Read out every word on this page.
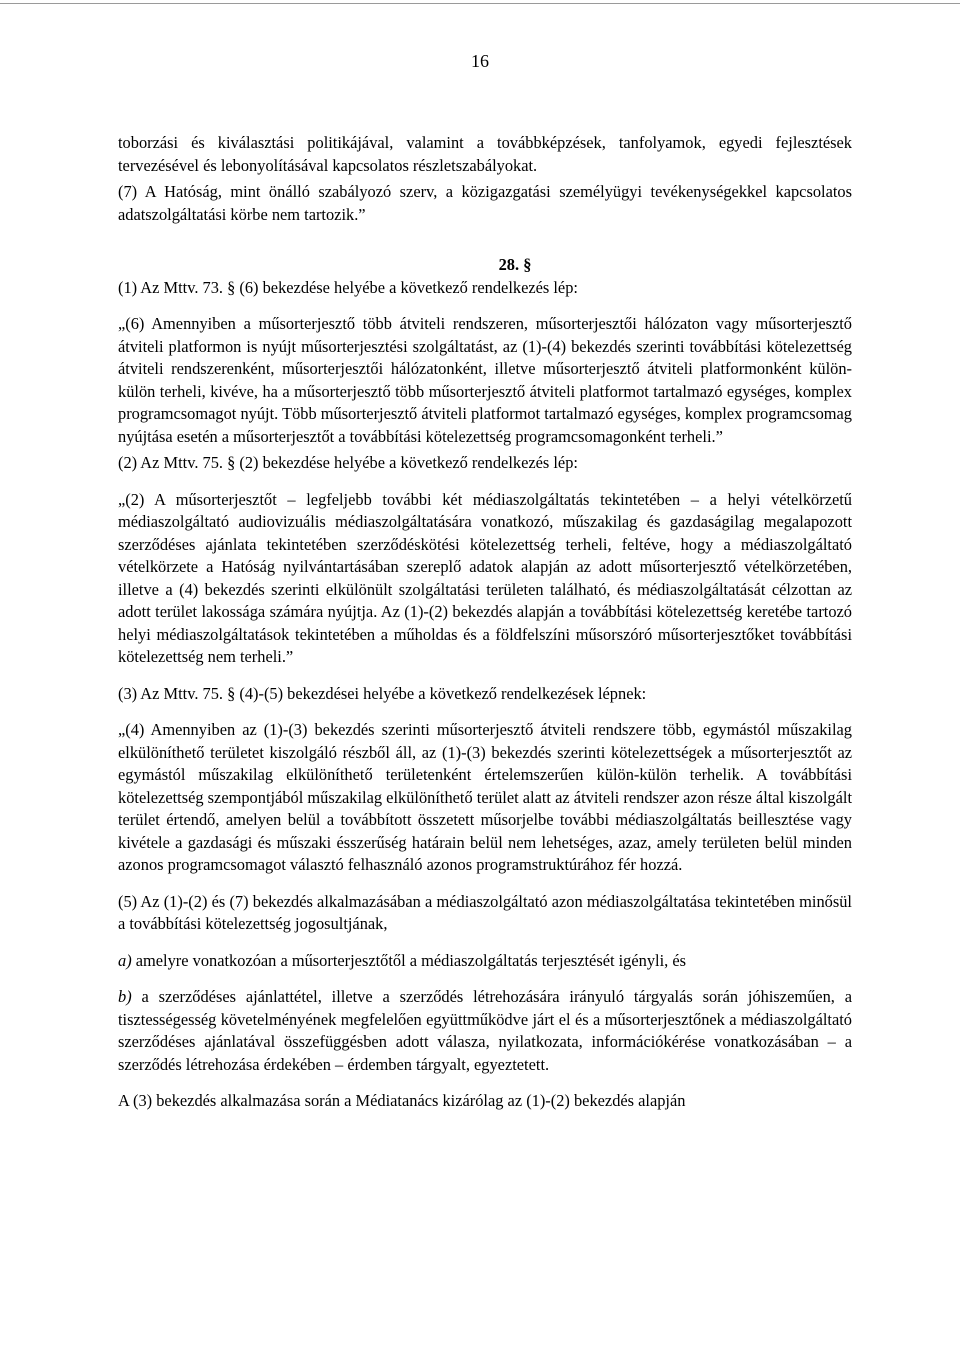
16

toborzási és kiválasztási politikájával, valamint a továbbképzések, tanfolyamok, egyedi fejlesztések tervezésével és lebonyolításával kapcsolatos részletszabályokat.

(7) A Hatóság, mint önálló szabályozó szerv, a közigazgatási személyügyi tevékenységekkel kapcsolatos adatszolgáltatási körbe nem tartozik.”

28. §

(1) Az Mttv. 73. § (6) bekezdése helyébe a következő rendelkezés lép:

„(6) Amennyiben a műsorterjesztő több átviteli rendszeren, műsorterjesztői hálózaton vagy műsorterjesztő átviteli platformon is nyújt műsorterjesztési szolgáltatást, az (1)-(4) bekezdés szerinti továbbítási kötelezettség átviteli rendszerenként, műsorterjesztői hálózatonként, illetve műsorterjesztő átviteli platformonként külön-külön terheli, kivéve, ha a műsorterjesztő több műsorterjesztő átviteli platformot tartalmazó egységes, komplex programcsomagot nyújt. Több műsorterjesztő átviteli platformot tartalmazó egységes, komplex programcsomag nyújtása esetén a műsorterjesztőt a továbbítási kötelezettség programcsomagonként terheli.”

(2) Az Mttv. 75. § (2) bekezdése helyébe a következő rendelkezés lép:

„(2) A műsorterjesztőt – legfeljebb további két médiaszolgáltatás tekintetében – a helyi vételkörzetű médiaszolgáltató audiovizuális médiaszolgáltatására vonatkozó, műszakilag és gazdaságilag megalapozott szerződéses ajánlata tekintetében szerződéskötési kötelezettség terheli, feltéve, hogy a médiaszolgáltató vételkörzete a Hatóság nyilvántartásában szereplő adatok alapján az adott műsorterjesztő vételkörzetében, illetve a (4) bekezdés szerinti elkülönült szolgáltatási területen található, és médiaszolgáltatását célzottan az adott terület lakossága számára nyújtja. Az (1)-(2) bekezdés alapján a továbbítási kötelezettség keretébe tartozó helyi médiaszolgáltatások tekintetében a műholdas és a földfelszíni műsorszóró műsorterjesztőket továbbítási kötelezettség nem terheli.”

(3) Az Mttv. 75. § (4)-(5) bekezdései helyébe a következő rendelkezések lépnek:

„(4) Amennyiben az (1)-(3) bekezdés szerinti műsorterjesztő átviteli rendszere több, egymástól műszakilag elkülöníthető területet kiszolgáló részből áll, az (1)-(3) bekezdés szerinti kötelezettségek a műsorterjesztőt az egymástól műszakilag elkülöníthető területenként értelemszerűen külön-külön terhelik. A továbbítási kötelezettség szempontjából műszakilag elkülöníthető terület alatt az átviteli rendszer azon része által kiszolgált terület értendő, amelyen belül a továbbított összetett műsorjelbe további médiaszolgáltatás beillesztése vagy kivétele a gazdasági és műszaki ésszerűség határain belül nem lehetséges, azaz, amely területen belül minden azonos programcsomagot választó felhasználó azonos programstruktúrához fér hozzá.

(5) Az (1)-(2) és (7) bekezdés alkalmazásában a médiaszolgáltató azon médiaszolgáltatása tekintetében minősül a továbbítási kötelezettség jogosultjának,

a) amelyre vonatkozóan a műsorterjesztőtől a médiaszolgáltatás terjesztését igényli, és

b) a szerződéses ajánlattétel, illetve a szerződés létrehozására irányuló tárgyalás során jóhiszeműen, a tisztességesség követelményének megfelelően együttműködve járt el és a műsorterjesztőnek a médiaszolgáltató szerződéses ajánlatával összefüggésben adott válasza, nyilatkozata, információkérése vonatkozásában – a szerződés létrehozása érdekében – érdemben tárgyalt, egyeztetett.

A (3) bekezdés alkalmazása során a Médiatanács kizárólag az (1)-(2) bekezdés alapján
